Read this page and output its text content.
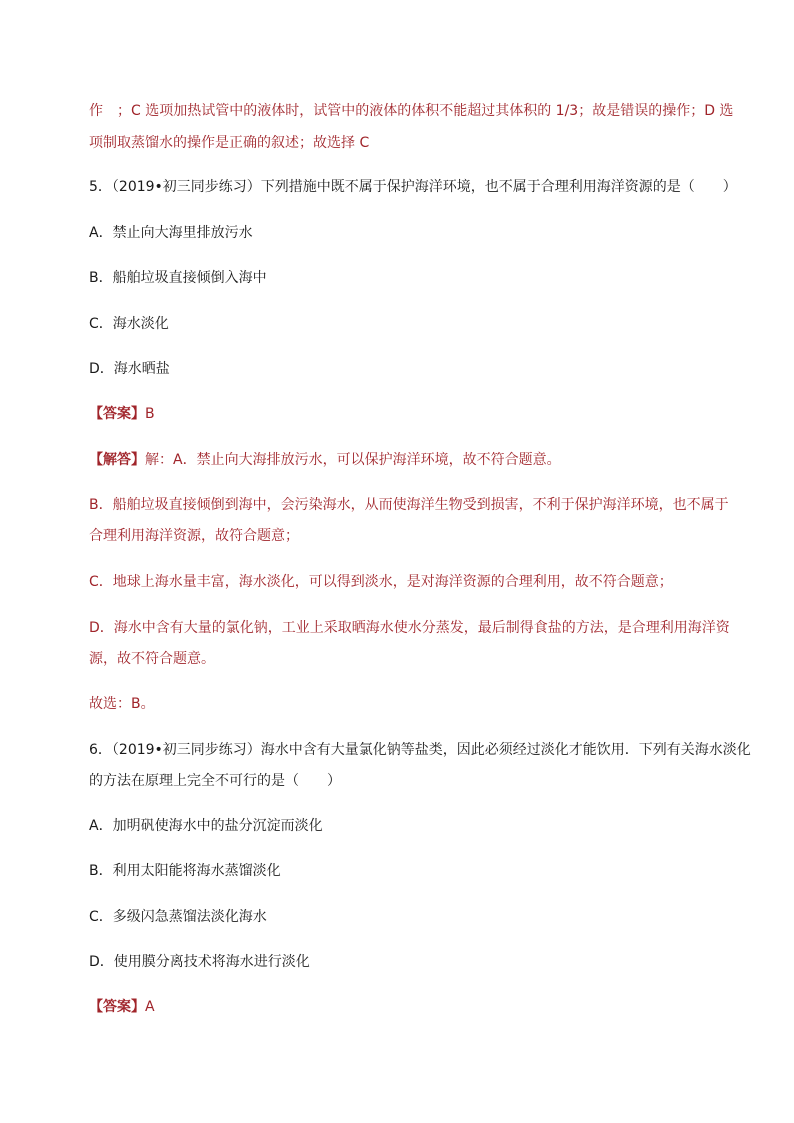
作　；C 选项加热试管中的液体时，试管中的液体的体积不能超过其体积的 1/3；故是错误的操作；D 选
项制取蒸馏水的操作是正确的叙述；故选择 C
5．（2019•初三同步练习）下列措施中既不属于保护海洋环境，也不属于合理利用海洋资源的是（　　）
A．禁止向大海里排放污水
B．船舶垃圾直接倾倒入海中
C．海水淡化
D．海水晒盐
【答案】B
【解答】解：A．禁止向大海排放污水，可以保护海洋环境，故不符合题意。
B．船舶垃圾直接倾倒到海中，会污染海水，从而使海洋生物受到损害，不利于保护海洋环境，也不属于
合理利用海洋资源，故符合题意；
C．地球上海水量丰富，海水淡化，可以得到淡水，是对海洋资源的合理利用，故不符合题意；
D．海水中含有大量的氯化钠，工业上采取晒海水使水分蒸发，最后制得食盐的方法，是合理利用海洋资
源，故不符合题意。
故选：B。
6．（2019•初三同步练习）海水中含有大量氯化钠等盐类，因此必须经过淡化才能饮用．下列有关海水淡化
的方法在原理上完全不可行的是（　　）
A．加明矾使海水中的盐分沉淀而淡化
B．利用太阳能将海水蒸馏淡化
C．多级闪急蒸馏法淡化海水
D．使用膜分离技术将海水进行淡化
【答案】A
